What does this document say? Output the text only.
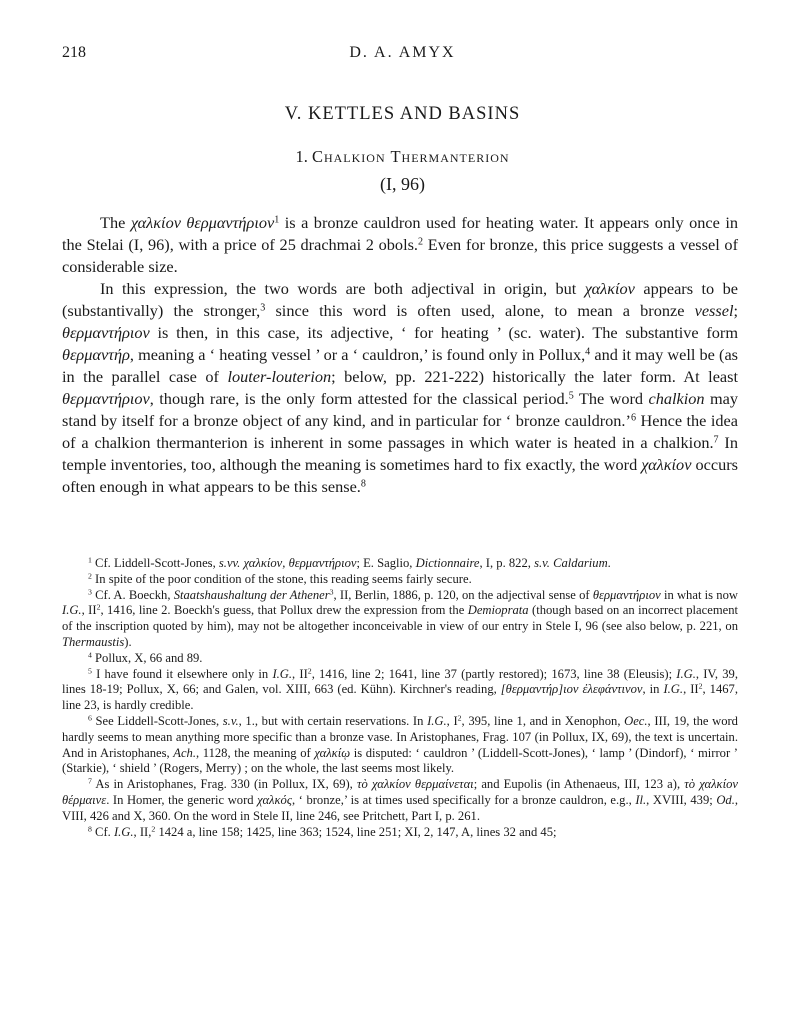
218	D. A. AMYX
V. KETTLES AND BASINS
1. Chalkion Thermanterion
(I, 96)

The χαλκίον θερμαντήριον$^1$ is a bronze cauldron used for heating water. It appears only once in the Stelai (I, 96), with a price of 25 drachmai 2 obols.$^2$ Even for bronze, this price suggests a vessel of considerable size.

In this expression, the two words are both adjectival in origin, but χαλκίον appears to be (substantivally) the stronger,$^3$ since this word is often used, alone, to mean a bronze vessel; θερμαντήριον is then, in this case, its adjective, ‘ for heating ’ (sc. water). The substantive form θερμαντήρ, meaning a ‘ heating vessel ’ or a ‘ cauldron,’ is found only in Pollux,$^4$ and it may well be (as in the parallel case of louter-louterion; below, pp. 221-222) historically the later form. At least θερμαντήριον, though rare, is the only form attested for the classical period.$^5$ The word chalkion may stand by itself for a bronze object of any kind, and in particular for ‘ bronze cauldron.’$^6$ Hence the idea of a chalkion thermanterion is inherent in some passages in which water is heated in a chalkion.$^7$ In temple inventories, too, although the meaning is sometimes hard to fix exactly, the word χαλκίον occurs often enough in what appears to be this sense.$^8$

$^1$ Cf. Liddell-Scott-Jones, s.vv. χαλκίον, θερμαντήριον; E. Saglio, Dictionnaire, I, p. 822, s.v. Caldarium.

$^2$ In spite of the poor condition of the stone, this reading seems fairly secure.

$^3$ Cf. A. Boeckh, Staatshaushaltung der Athener$^3$, II, Berlin, 1886, p. 120, on the adjectival sense of θερμαντήριον in what is now I.G., $II^2$, 1416, line 2. Boeckh's guess, that Pollux drew the expression from the Demioprata (though based on an incorrect placement of the inscription quoted by him), may not be altogether inconceivable in view of our entry in Stele I, 96 (see also below, p. 221, on Thermaustis).

$^4$ Pollux, X, 66 and 89.

$^5$ I have found it elsewhere only in I.G., $II^2$, 1416, line 2; 1641, line 37 (partly restored); 1673, line 38 (Eleusis); I.G., IV, 39, lines 18-19; Pollux, X, 66; and Galen, vol. XIII, 663 (ed. Kühn). Kirchner's reading, [θερμαντήρ]ιον ἐλεφάντινον, in I.G., $II^2$, 1467, line 23, is hardly credible.

$^6$ See Liddell-Scott-Jones, s.v., 1., but with certain reservations. In I.G., $I^2$, 395, line 1, and in Xenophon, Oec., III, 19, the word hardly seems to mean anything more specific than a bronze vase. In Aristophanes, Frag. 107 (in Pollux, IX, 69), the text is uncertain. And in Aristophanes, Ach., 1128, the meaning of χαλκίῳ is disputed: ‘ cauldron ’ (Liddell-Scott-Jones), ‘ lamp ’ (Dindorf), ‘ mirror ’ (Starkie), ‘ shield ’ (Rogers, Merry) ; on the whole, the last seems most likely.

$^7$ As in Aristophanes, Frag. 330 (in Pollux, IX, 69), τὸ χαλκίον θερμαίνεται; and Eupolis (in Athenaeus, III, 123 a), τὸ χαλκίον θέρμαινε. In Homer, the generic word χαλκός, ‘ bronze,’ is at times used specifically for a bronze cauldron, e.g., Il., XVIII, 439; Od., VIII, 426 and X, 360. On the word in Stele II, line 246, see Pritchett, Part I, p. 261.

$^8$ Cf. I.G., II,$^2$ 1424 a, line 158; 1425, line 363; 1524, line 251; XI, 2, 147, A, lines 32 and 45;
